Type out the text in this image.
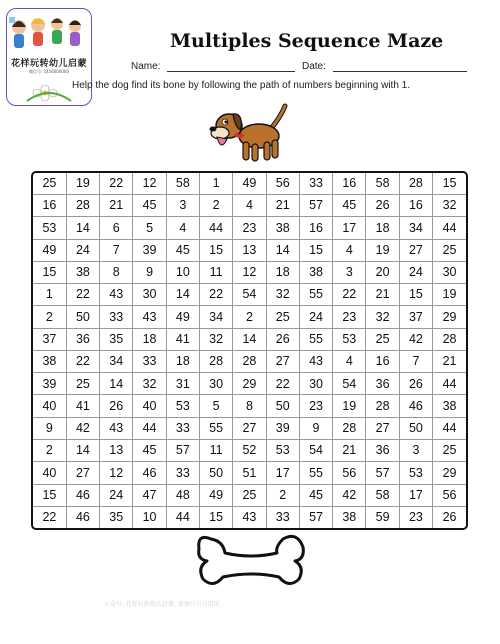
花样玩转幼儿启蒙
微信号: 1456000000
Multiples Sequence Maze
Name:	Date:
Help the dog find its bone by following the path of numbers beginning with 1.
25	19	22	12	58	1	49	56	33	16	58	28	15
16	28	21	45	3	2	4	21	57	45	26	16	32
53	14	6	5	4	44	23	38	16	17	18	34	44
49	24	7	39	45	15	13	14	15	4	19	27	25
15	38	8	9	10	11	12	18	38	3	20	24	30
1	22	43	30	14	22	54	32	55	22	21	15	19
2	50	33	43	49	34	2	25	24	23	32	37	29
37	36	35	18	41	32	14	26	55	53	25	42	28
38	22	34	33	18	28	28	27	43	4	16	7	21
39	25	14	32	31	30	29	22	30	54	36	26	44
40	41	26	40	53	5	8	50	23	19	28	46	38
9	42	43	44	33	55	27	39	9	28	27	50	44
2	14	13	45	57	11	52	53	54	21	36	3	25
40	27	12	46	33	50	51	17	55	56	57	53	29
15	46	24	47	48	49	25	2	45	42	58	17	56
22	46	35	10	44	15	43	33	57	38	59	23	26
公众号: 花样玩转幼儿启蒙, 请加号号号用用
